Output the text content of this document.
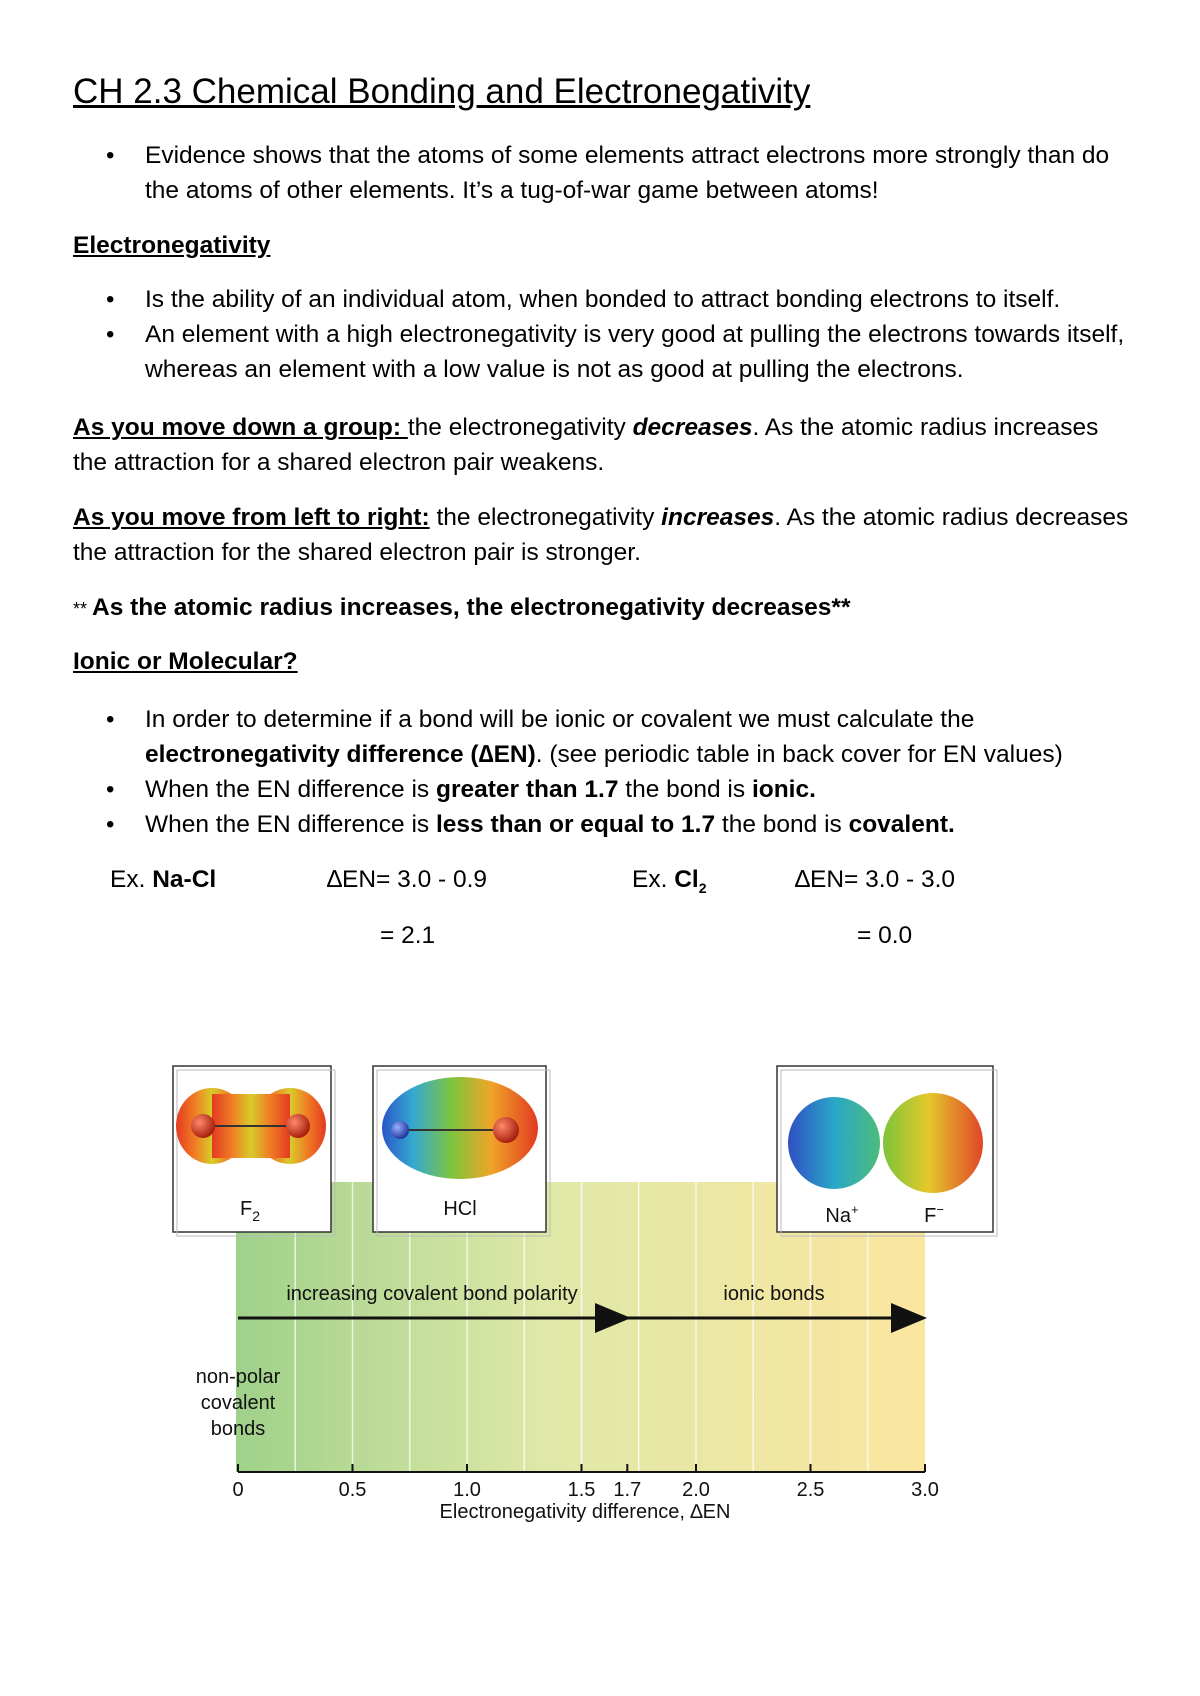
CH 2.3 Chemical Bonding and Electronegativity
• Evidence shows that the atoms of some elements attract electrons more strongly than do the atoms of other elements. It’s a tug-of-war game between atoms!
Electronegativity
• Is the ability of an individual atom, when bonded to attract bonding electrons to itself.
• An element with a high electronegativity is very good at pulling the electrons towards itself, whereas an element with a low value is not as good at pulling the electrons.
As you move down a group: the electronegativity decreases. As the atomic radius increases the attraction for a shared electron pair weakens.
As you move from left to right: the electronegativity increases. As the atomic radius decreases the attraction for the shared electron pair is stronger.
** As the atomic radius increases, the electronegativity decreases**
Ionic or Molecular?
• In order to determine if a bond will be ionic or covalent we must calculate the electronegativity difference (∆EN). (see periodic table in back cover for EN values)
• When the EN difference is greater than 1.7 the bond is ionic.
• When the EN difference is less than or equal to 1.7 the bond is covalent.
Ex. Na-Cl	∆EN= 3.0 - 0.9
= 2.1
Ex. $Cl_2$	∆EN= 3.0 - 3.0
= 0.0
increasing covalent bond polarity	ionic bonds
non-polar
covalent
bonds
0	0.5	1.0	1.5 1.7 2.0	2.5	3.0
Electronegativity difference, ∆EN
$F_2$	HCl	Na+	F−
